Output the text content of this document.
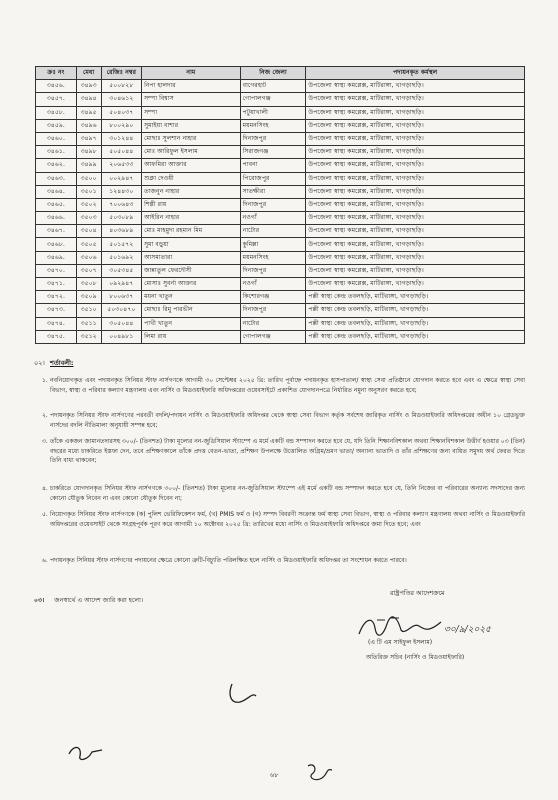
ক্রঃ নং	মেধা	রেজিঃ নম্বর	নাম	নিজ জেলা	পদায়নকৃত কর্মস্থল
৩৪৫৬.	৩৪৯৩	৫০০৮২৮	নিপা হালদার	বাগেরহাট	উপজেলা স্বাস্থ্য কমপ্লেক্স, মাটিরাঙ্গা, খাগড়াছড়ি।
৩৪৫৭.	৩৪৯৪	৩০৪৬১২	সম্পা বিশ্বাস	গোপালগঞ্জ	উপজেলা স্বাস্থ্য কমপ্লেক্স, মাটিরাঙ্গা, খাগড়াছড়ি।
৩৪৫৮.	৩৪৯৫	৫০৪০৩৭	সম্পা	পটুয়াখালী	উপজেলা স্বাস্থ্য কমপ্লেক্স, মাটিরাঙ্গা, খাগড়াছড়ি।
৩৪৫৯.	৩৪৯৬	৮০০২৯০	সুমাইয়া বাশার	ময়মনসিংহ	উপজেলা স্বাস্থ্য কমপ্লেক্স, মাটিরাঙ্গা, খাগড়াছড়ি।
৩৪৬০.	৩৪৯৭	৩০১২৪৪	মোছাঃ সুলশান নাহার	দিনাজপুর	উপজেলা স্বাস্থ্য কমপ্লেক্স, মাটিরাঙ্গা, খাগড়াছড়ি।
৩৪৬১.	৩৪৯৮	৫০৫০৪৪	মোঃ আরিফুল ইসলাম	সিরাজগঞ্জ	উপজেলা স্বাস্থ্য কমপ্লেক্স, মাটিরাঙ্গা, খাগড়াছড়ি।
৩৪৬২.	৩৪৯৯	২০৬৫৩৩	আফমিরা আক্তার	পাবনা	উপজেলা স্বাস্থ্য কমপ্লেক্স, মাটিরাঙ্গা, খাগড়াছড়ি।
৩৪৬৩.	৩৫০০	০০২৯৪৭	শুক্লা দেওয়ী	পিরোজপুর	উপজেলা স্বাস্থ্য কমপ্লেক্স, মাটিরাঙ্গা, খাগড়াছড়ি।
৩৪৬৪.	৩৫০১	১২৪৪৩০	তাজনুন নাহার	সাতক্ষীরা	উপজেলা স্বাস্থ্য কমপ্লেক্স, মাটিরাঙ্গা, খাগড়াছড়ি।
৩৪৬৫.	৩৫০২	৭০০৬৪৩	শিল্পী রায়	দিনাজপুর	উপজেলা স্বাস্থ্য কমপ্লেক্স, মাটিরাঙ্গা, খাগড়াছড়ি।
৩৪৬৬.	৩৫০৩	৫০৩০৮৯	আইরিন নাহার	নওগাঁ	উপজেলা স্বাস্থ্য কমপ্লেক্স, মাটিরাঙ্গা, খাগড়াছড়ি।
৩৪৬৭.	৩৫০৪	৪০৩৬৮৯	মোঃ মাহমুদা রহমান মিম	নাটোর	উপজেলা স্বাস্থ্য কমপ্লেক্স, মাটিরাঙ্গা, খাগড়াছড়ি।
৩৪৬৮.	৩৫০৫	৫০১৫৭২	সুমা বড়ুয়া	কুমিল্লা	উপজেলা স্বাস্থ্য কমপ্লেক্স, মাটিরাঙ্গা, খাগড়াছড়ি।
৩৪৬৯.	৩৫০৬	৫০১৬৯২	আসমাতারা	ময়মনসিংহ	উপজেলা স্বাস্থ্য কমপ্লেক্স, মাটিরাঙ্গা, খাগড়াছড়ি।
৩৪৭০.	৩৫০৭	৩০৫৩৪৫	জান্নাতুল ফেরদৌসী	দিনাজপুর	উপজেলা স্বাস্থ্য কমপ্লেক্স, মাটিরাঙ্গা, খাগড়াছড়ি।
৩৪৭১.	৩৫০৮	০৯২৯৪৭	মোসাঃ সুবর্না আক্তার	নওগাঁ	উপজেলা স্বাস্থ্য কমপ্লেক্স, মাটিরাঙ্গা, খাগড়াছড়ি।
৩৪৭২.	৩৫০৯	৮০০৬৩৭	ময়না খাতুন	কিশোরগঞ্জ	পল্লী স্বাস্থ্য কেন্দ্র তবলছড়ি, মাটিরাঙ্গা, খাগড়াছড়ি।
৩৪৭৩.	৩৫১০	৫০৩০৪৭০	মোছাঃ রিমু পারভীন	দিনাজপুর	পল্লী স্বাস্থ্য কেন্দ্র তবলছড়ি, মাটিরাঙ্গা, খাগড়াছড়ি।
৩৪৭৪.	৩৫১১	৩০৫০৪৪	পাখী খাতুন	নাটোর	পল্লী স্বাস্থ্য কেন্দ্র তবলছড়ি, মাটিরাঙ্গা, খাগড়াছড়ি।
৩৪৭৫.	৩৫১২	০০৪৯৮১	লিমা রায়	গোপালগঞ্জ	পল্লী স্বাস্থ্য কেন্দ্র তবলছড়ি, মাটিরাঙ্গা, খাগড়াছড়ি।
০২। শর্তাবলী:
১. নবনিয়োগকৃত এবং পদায়নকৃত সিনিয়র স্টাফ নার্সগণকে আগামী ৩০ সেপ্টেম্বর ২০২৫ খ্রি: তারিখ পূর্বাহ্নে পদায়নকৃত হাসপাতাল/ স্বাস্থ্য সেবা প্রতিষ্ঠানে যোগদান করতে হবে এবং এ ক্ষেত্রে স্বাস্থ্য সেবা বিভাগ, স্বাস্থ্য ও পরিবার কল্যাণ মন্ত্রণালয় এবং নার্সিং ও মিডওয়াইফারি অধিদপ্তরের ওয়েবসাইটে প্রকাশিত যোগদানপত্রে নির্ধারিত নমুনা অনুসরণ করতে হবে;
২. পদায়নকৃত সিনিয়র স্টাফ নার্সগণের পরবর্তী বদলি/পদায়ন নার্সিং ও মিডওয়াইফারি অধিদপ্তর থেকে স্বাস্থ্য সেবা বিভাগ কর্তৃক সর্বশেষ জারিকৃত নার্সিং ও মিডওয়াইফারি অধিদপ্তরের অধীন ১০ গ্রেডভুক্ত নার্সদের বদলি নীতিমালা অনুযায়ী সম্পন্ন হবে;
৩. তাঁকে একজন জামানতদারসহ ৩০০/- (তিনশত) টাকা মূল্যের নন-জুডিসিয়াল স্ট্যাম্পে এ মর্মে একটি বন্ড সম্পাদন করতে হবে যে, যদি তিনি শিক্ষানবিশকাল অথবা শিক্ষানবিশকাল উত্তীর্ণ হওয়ার ০৩ (তিন) বছরের মধ্যে চাকরিতে ইস্তফা দেন, তবে প্রশিক্ষণকালে তাঁকে প্রদত্ত বেতন-ভাতা, প্রশিক্ষণ উপলক্ষে উত্তোলিত অগ্রিম/ভ্রমণ ভাতা/ অন্যান্য ভাতাদি ও তাঁর প্রশিক্ষণের জন্য ব্যয়িত সমুদয় অর্থ ফেরত দিতে তিনি বাধ্য থাকবেন;
৪. চাকরিতে যোগদানকৃত সিনিয়র স্টাফ নার্সগণকে ৩০০/- (তিনশত) টাকা মূল্যের নন-জুডিসিয়াল স্ট্যাম্পে এই মর্মে একটি বন্ড সম্পাদন করতে হবে যে, তিনি নিজের বা পরিবারের অন্যান্য সদস্যদের জন্য কোনো যৌতুক নিবেন না এবং কোনো যৌতুক দিবেন না;
৫. নিয়োগকৃত সিনিয়র স্টাফ নার্সগণকে (ক) পুলিশ ভেরিফিকেশন ফর্ম, (খ) PMIS ফর্ম ও (গ) সম্পদ বিবরণী সংক্রান্ত ফর্ম স্বাস্থ্য সেবা বিভাগ, স্বাস্থ্য ও পরিবার কল্যাণ মন্ত্রণালয় অথবা নার্সিং ও মিডওয়াইফারি অধিদপ্তরের ওয়েবসাইট থেকে সংগ্রহপূর্বক পূরণ করে আগামী ১০ অক্টোবর ২০২৫ খ্রি: তারিখের মধ্যে নার্সিং ও মিডওয়াইফারি অধিদপ্তরে জমা দিতে হবে; এবং
৬. পদায়নকৃত সিনিয়র স্টাফ নার্সগণের পদায়নের ক্ষেত্রে কোনো ত্রুটি-বিচ্যুতি পরিলক্ষিত হলে নার্সিং ও মিডওয়াইফারি অধিদপ্তর তা সংশোধন করতে পারবে।
০৩। জনস্বার্থে এ আদেশ জারি করা হলো।
রাষ্ট্রপতির আদেশক্রমে
৩০/৯/২০২৫
(এ টি এম সাইফুল ইসলাম)
অতিরিক্ত সচিব (নার্সিং ও মিডওয়াইফারি)
৬৮
